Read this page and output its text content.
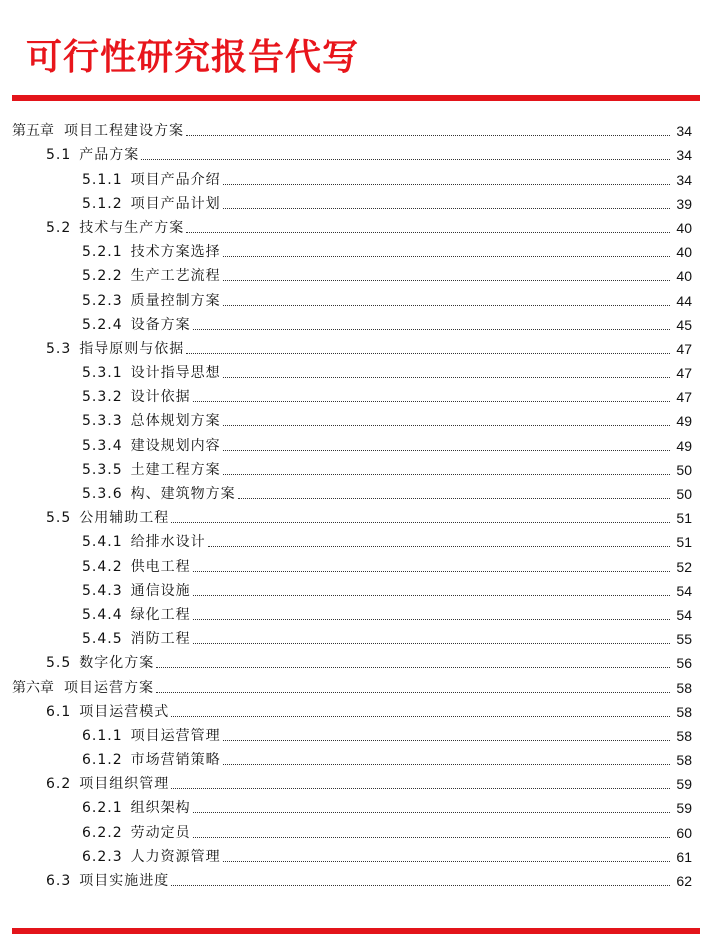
可行性研究报告代写
第五章 项目工程建设方案	34
5.1 产品方案	34
5.1.1 项目产品介绍	34
5.1.2 项目产品计划	39
5.2 技术与生产方案	40
5.2.1 技术方案选择	40
5.2.2 生产工艺流程	40
5.2.3 质量控制方案	44
5.2.4 设备方案	45
5.3 指导原则与依据	47
5.3.1 设计指导思想	47
5.3.2 设计依据	47
5.3.3 总体规划方案	49
5.3.4 建设规划内容	49
5.3.5 土建工程方案	50
5.3.6 构、建筑物方案	50
5.5 公用辅助工程	51
5.4.1 给排水设计	51
5.4.2 供电工程	52
5.4.3 通信设施	54
5.4.4 绿化工程	54
5.4.5 消防工程	55
5.5 数字化方案	56
第六章 项目运营方案	58
6.1 项目运营模式	58
6.1.1 项目运营管理	58
6.1.2 市场营销策略	58
6.2 项目组织管理	59
6.2.1 组织架构	59
6.2.2 劳动定员	60
6.2.3 人力资源管理	61
6.3 项目实施进度	62
